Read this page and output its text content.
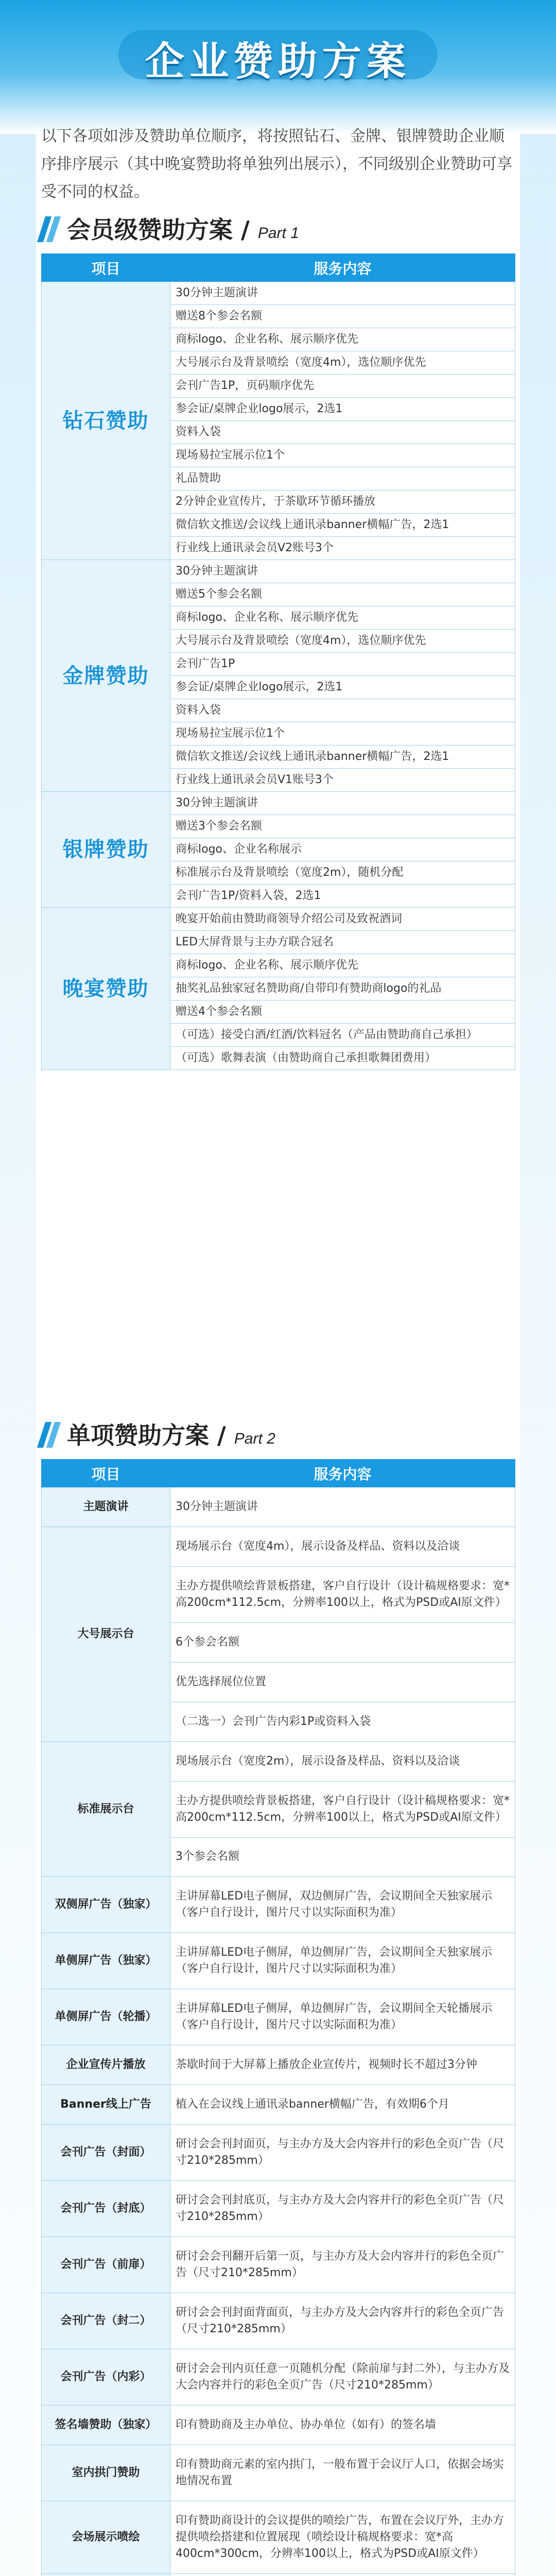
企业赞助方案

以下各项如涉及赞助单位顺序，将按照钻石、金牌、银牌赞助企业顺序排序展示（其中晚宴赞助将单独列出展示），不同级别企业赞助可享受不同的权益。

会员级赞助方案 / Part 1
项目	服务内容
钻石赞助	30分钟主题演讲
	赠送8个参会名额
	商标logo、企业名称、展示顺序优先
	大号展示台及背景喷绘（宽度4m），选位顺序优先
	会刊广告1P，页码顺序优先
	参会证/桌牌企业logo展示，2选1
	资料入袋
	现场易拉宝展示位1个
	礼品赞助
	2分钟企业宣传片，于茶歇环节循环播放
	微信软文推送/会议线上通讯录banner横幅广告，2选1
	行业线上通讯录会员V2账号3个
金牌赞助	30分钟主题演讲
	赠送5个参会名额
	商标logo、企业名称、展示顺序优先
	大号展示台及背景喷绘（宽度4m），选位顺序优先
	会刊广告1P
	参会证/桌牌企业logo展示，2选1
	资料入袋
	现场易拉宝展示位1个
	微信软文推送/会议线上通讯录banner横幅广告，2选1
	行业线上通讯录会员V1账号3个
银牌赞助	30分钟主题演讲
	赠送3个参会名额
	商标logo、企业名称展示
	标准展示台及背景喷绘（宽度2m），随机分配
	会刊广告1P/资料入袋，2选1
晚宴赞助	晚宴开始前由赞助商领导介绍公司及致祝酒词
	LED大屏背景与主办方联合冠名
	商标logo、企业名称、展示顺序优先
	抽奖礼品独家冠名赞助商/自带印有赞助商logo的礼品
	赠送4个参会名额
	（可选）接受白酒/红酒/饮料冠名（产品由赞助商自己承担）
	（可选）歌舞表演（由赞助商自己承担歌舞团费用）
单项赞助方案 / Part 2
项目	服务内容
主题演讲	30分钟主题演讲
大号展示台	现场展示台（宽度4m），展示设备及样品、资料以及洽谈
	主办方提供喷绘背景板搭建，客户自行设计（设计稿规格要求：宽*高200cm*112.5cm，分辨率100以上，格式为PSD或AI原文件）
	6个参会名额
	优先选择展位位置
	（二选一）会刊广告内彩1P或资料入袋
标准展示台	现场展示台（宽度2m），展示设备及样品、资料以及洽谈
	主办方提供喷绘背景板搭建，客户自行设计（设计稿规格要求：宽*高200cm*112.5cm，分辨率100以上，格式为PSD或AI原文件）
	3个参会名额
双侧屏广告（独家）	主讲屏幕LED电子侧屏，双边侧屏广告，会议期间全天独家展示（客户自行设计，图片尺寸以实际面积为准）
单侧屏广告（独家）	主讲屏幕LED电子侧屏，单边侧屏广告，会议期间全天独家展示（客户自行设计，图片尺寸以实际面积为准）
单侧屏广告（轮播）	主讲屏幕LED电子侧屏，单边侧屏广告，会议期间全天轮播展示（客户自行设计，图片尺寸以实际面积为准）
企业宣传片播放	茶歇时间于大屏幕上播放企业宣传片，视频时长不超过3分钟
Banner线上广告	植入在会议线上通讯录banner横幅广告，有效期6个月
会刊广告（封面）	研讨会会刊封面页，与主办方及大会内容并行的彩色全页广告（尺寸210*285mm）
会刊广告（封底）	研讨会会刊封底页，与主办方及大会内容并行的彩色全页广告（尺寸210*285mm）
会刊广告（前扉）	研讨会会刊翻开后第一页，与主办方及大会内容并行的彩色全页广告（尺寸210*285mm）
会刊广告（封二）	研讨会会刊封面背面页，与主办方及大会内容并行的彩色全页广告（尺寸210*285mm）
会刊广告（内彩）	研讨会会刊内页任意一页随机分配（除前扉与封二外），与主办方及大会内容并行的彩色全页广告（尺寸210*285mm）
签名墙赞助（独家）	印有赞助商及主办单位、协办单位（如有）的签名墙
室内拱门赞助	印有赞助商元素的室内拱门，一般布置于会议厅人口，依据会场实地情况布置
会场展示喷绘	印有赞助商设计的会议提供的喷绘广告，布置在会议厅外，主办方提供喷绘搭建和位置展现（喷绘设计稿规格要求：宽*高400cm*300cm，分辨率100以上，格式为PSD或AI原文件）
